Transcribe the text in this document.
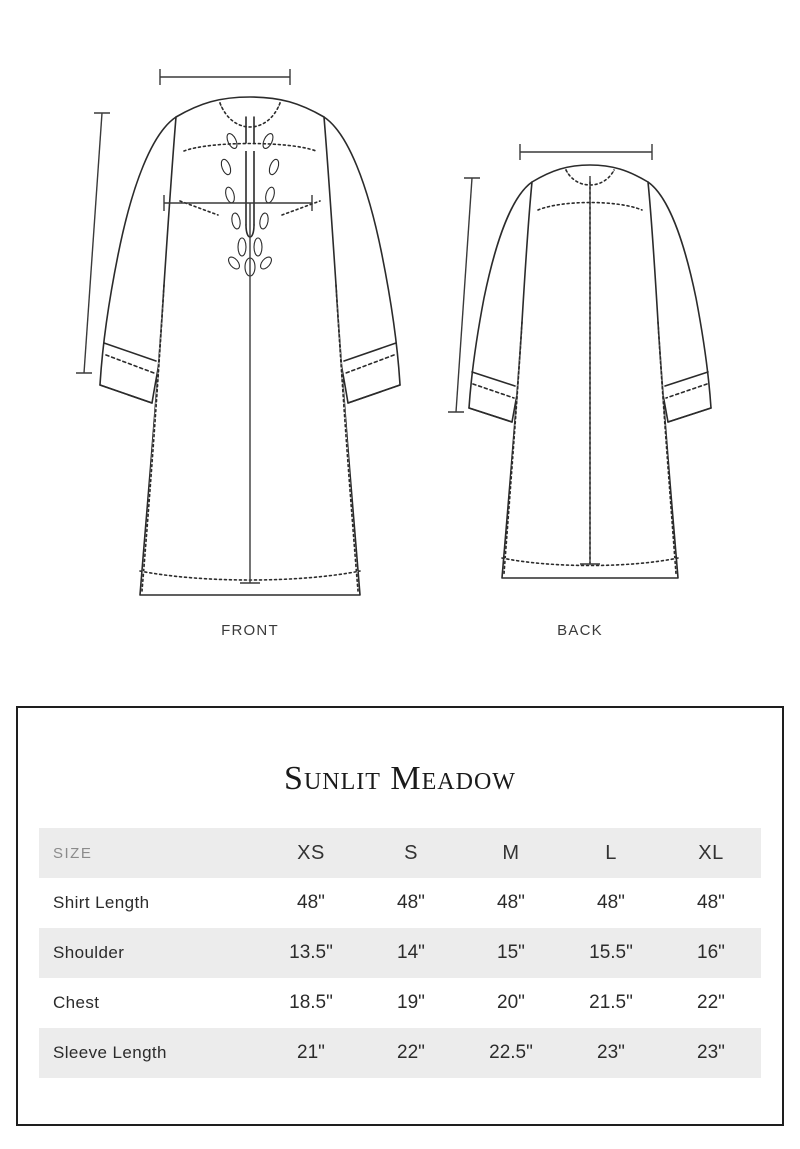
FRONT	BACK
Sunlit Meadow
SIZE	XS	S	M	L	XL
Shirt Length	48"	48"	48"	48"	48"
Shoulder	13.5"	14"	15"	15.5"	16"
Chest	18.5"	19"	20"	21.5"	22"
Sleeve Length	21"	22"	22.5"	23"	23"
